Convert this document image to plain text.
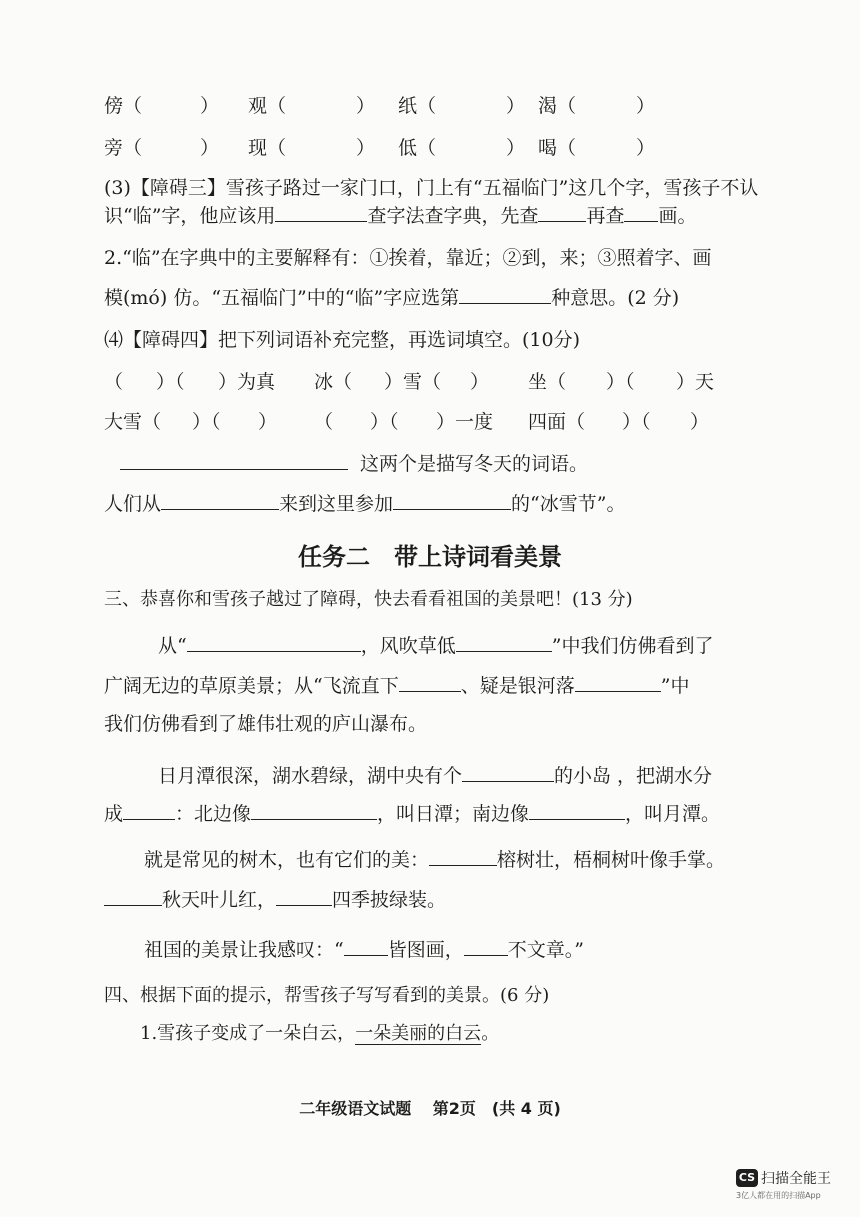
傍（	） 观（	） 纸（	） 渴（	）
旁（	） 现（	） 低（	） 喝（	）
(3)【障碍三】雪孩子路过一家门口，门上有“五福临门”这几个字，雪孩子不认
识“临”字，他应该用	查字法查字典，先查	再查 画。
2.“临”在字典中的主要解释有：①挨着，靠近；②到，来；③照着字、画
模(mó) 仿。“五福临门”中的“临”字应选第	种意思。(2 分)
⑷【障碍四】把下列词语补充完整，再选词填空。(10分)
（ ）（ ）为真 冰（ ）雪（ ） 坐（ ）（ ）天
大雪（ ）（ ） （ ）（ ）一度 四面（ ）（ ）
这两个是描写冬天的词语。
人们从	来到这里参加	的“冰雪节”。
任务二　带上诗词看美景
三、恭喜你和雪孩子越过了障碍，快去看看祖国的美景吧！(13 分)
从“	，风吹草低	”中我们仿佛看到了
广阔无边的草原美景；从“飞流直下	、疑是银河落	”中
我们仿佛看到了雄伟壮观的庐山瀑布。
日月潭很深，湖水碧绿，湖中央有个	的小岛 ，把湖水分
成	：北边像	，叫日潭；南边像	，叫月潭。
就是常见的树木，也有它们的美：	榕树壮，梧桐树叶像手掌。
秋天叶儿红，	四季披绿装。
祖国的美景让我感叹：“ 皆图画， 不文章。”
四、根据下面的提示，帮雪孩子写写看到的美景。(6 分)
1.雪孩子变成了一朵白云，一朵美丽的白云。
二年级语文试题　 第2页　(共 4 页)
CS 扫描全能王
3亿人都在用的扫描App
